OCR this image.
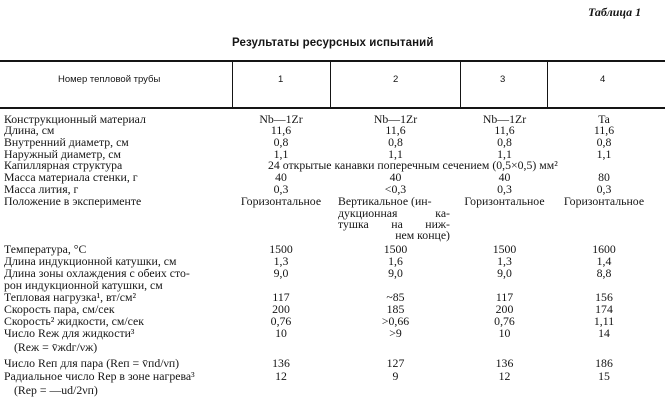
Таблица 1
Результаты ресурсных испытаний
Номер тепловой трубы	1	2	3	4
Конструкционный материал	Nb—1Zr	Nb—1Zr	Nb—1Zr	Ta
Длина, см	11,6	11,6	11,6	11,6
Внутренний диаметр, см	0,8	0,8	0,8	0,8
Наружный диаметр, см	1,1	1,1	1,1	1,1
Капиллярная структура	24 открытые канавки поперечным сечением (0,5×0,5) мм²
Масса материала стенки, г	40	40	40	80
Масса лития, г	0,3	<0,3	0,3	0,3
Положение в эксперименте	Горизонтальное	Вертикальное (ин-	Горизонтальное	Горизонтальное
дукционная ка-
тушка на ниж-
нем конце)
Температура, °С	1500	1500	1500	1600
Длина индукционной катушки, см	1,3	1,6	1,3	1,4
Длина зоны охлаждения с обеих сто-	9,0	9,0	9,0	8,8
рон индукционной катушки, см
Тепловая нагрузка¹, вт/см²	117	~85	117	156
Скорость пара, см/сек	200	185	200	174
Скорость² жидкости, см/сек	0,76	>0,66	0,76	1,11
Число Reж для жидкости³	10	>9	10	14
(Reж = v̄жdг/νж)
Число Reп для пара (Reп = v̄пd/νп)	136	127	136	186
Радиальное число Reр в зоне нагрева³	12	9	12	15
(Reр = —ud/2νп)
